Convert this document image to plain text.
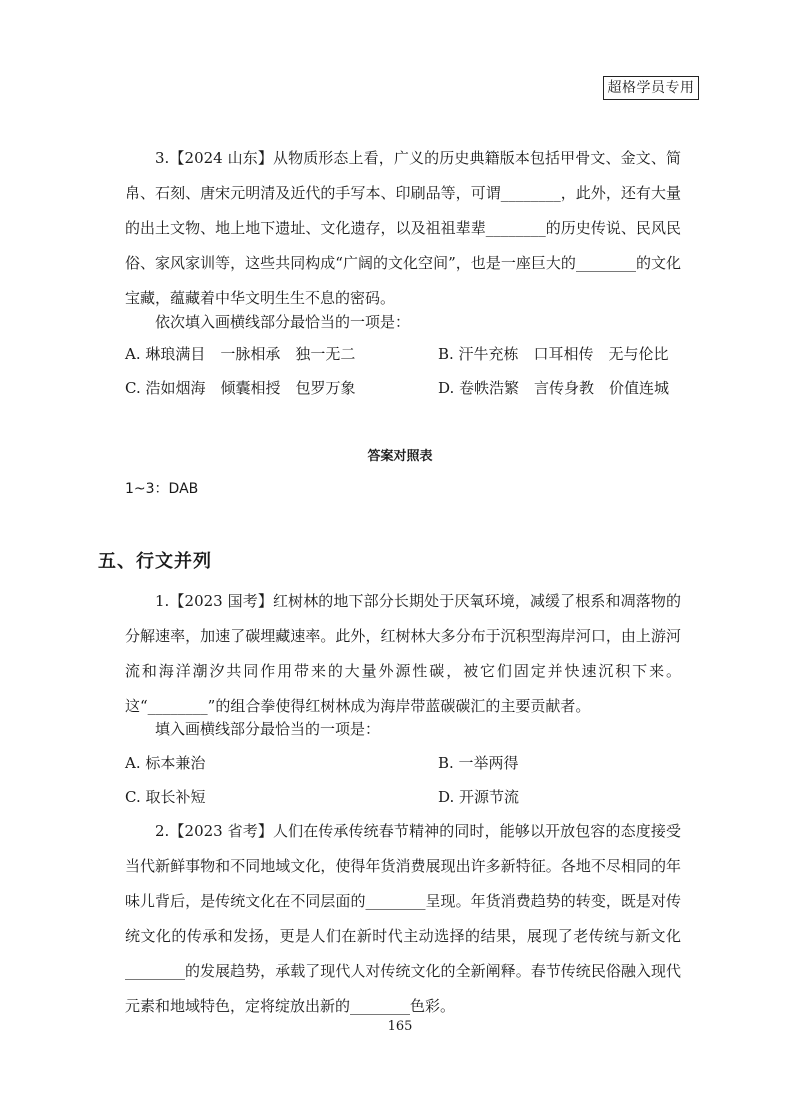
超格学员专用

3.【2024 山东】从物质形态上看，广义的历史典籍版本包括甲骨文、金文、简帛、石刻、唐宋元明清及近代的手写本、印刷品等，可谓________，此外，还有大量的出土文物、地上地下遗址、文化遗存，以及祖祖辈辈________的历史传说、民风民俗、家风家训等，这些共同构成“广阔的文化空间”，也是一座巨大的________的文化宝藏，蕴藏着中华文明生生不息的密码。

依次填入画横线部分最恰当的一项是：

A. 琳琅满目　一脉相承　独一无二	B. 汗牛充栋　口耳相传　无与伦比
C. 浩如烟海　倾囊相授　包罗万象	D. 卷帙浩繁　言传身教　价值连城
答案对照表
1~3：DAB
五、行文并列

1.【2023 国考】红树林的地下部分长期处于厌氧环境，减缓了根系和凋落物的分解速率，加速了碳埋藏速率。此外，红树林大多分布于沉积型海岸河口，由上游河流和海洋潮汐共同作用带来的大量外源性碳，被它们固定并快速沉积下来。这“________”的组合拳使得红树林成为海岸带蓝碳碳汇的主要贡献者。

填入画横线部分最恰当的一项是：

A. 标本兼治	B. 一举两得
C. 取长补短	D. 开源节流

2.【2023 省考】人们在传承传统春节精神的同时，能够以开放包容的态度接受当代新鲜事物和不同地域文化，使得年货消费展现出许多新特征。各地不尽相同的年味儿背后，是传统文化在不同层面的________呈现。年货消费趋势的转变，既是对传统文化的传承和发扬，更是人们在新时代主动选择的结果，展现了老传统与新文化________的发展趋势，承载了现代人对传统文化的全新阐释。春节传统民俗融入现代元素和地域特色，定将绽放出新的________色彩。

165
